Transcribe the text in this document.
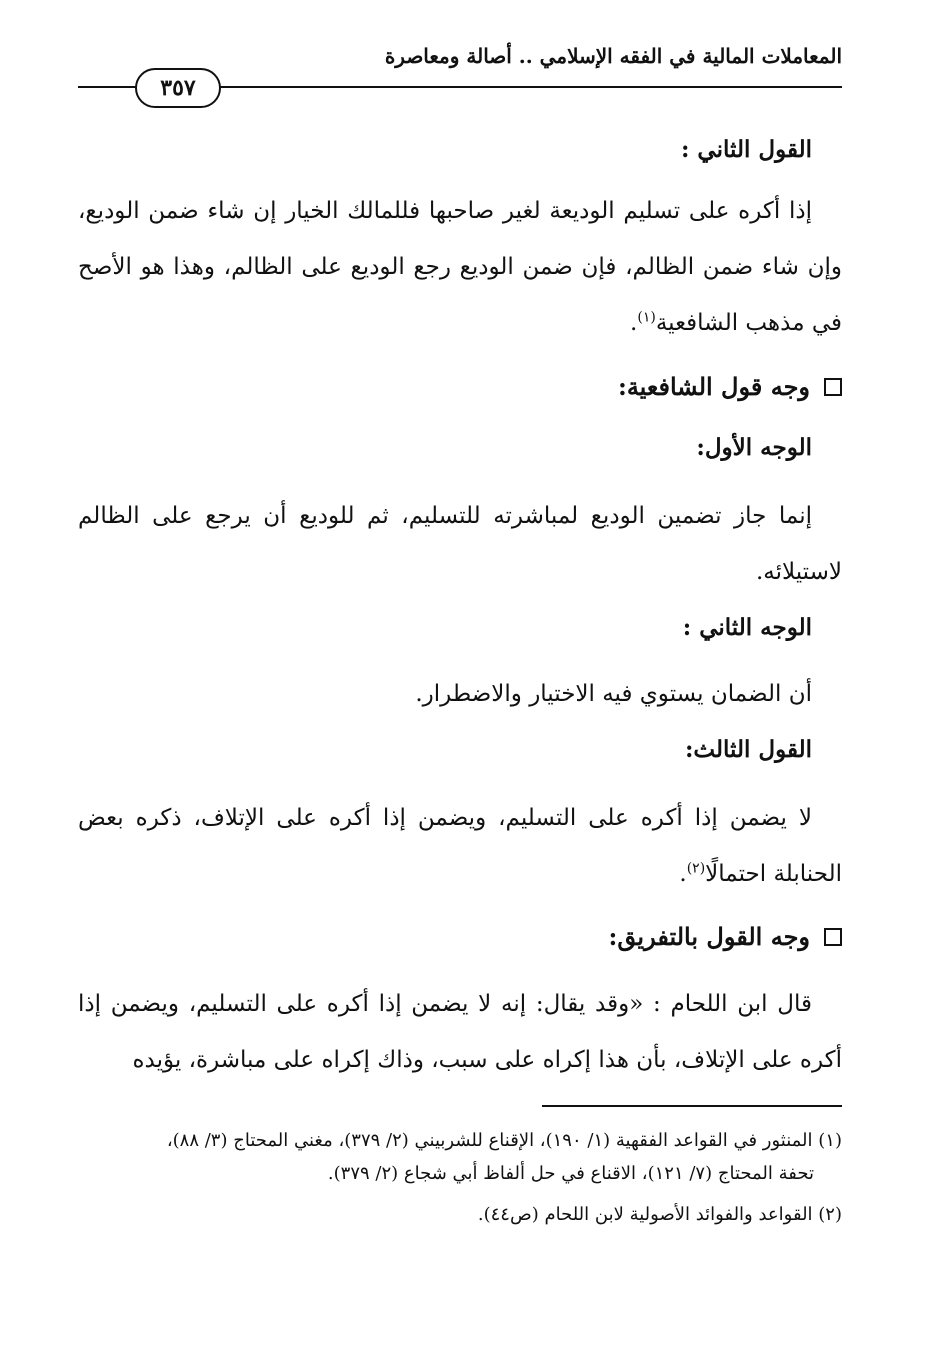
المعاملات المالية في الفقه الإسلامي .. أصالة ومعاصرة
٣٥٧
القول الثاني :

إذا أكره على تسليم الوديعة لغير صاحبها فللمالك الخيار إن شاء ضمن الوديع، وإن شاء ضمن الظالم، فإن ضمن الوديع رجع الوديع على الظالم، وهذا هو الأصح في مذهب الشافعية$^{(١)}$.

وجه قول الشافعية:
الوجه الأول:

إنما جاز تضمين الوديع لمباشرته للتسليم، ثم للوديع أن يرجع على الظالم لاستيلائه.

الوجه الثاني :

أن الضمان يستوي فيه الاختيار والاضطرار.

القول الثالث:

لا يضمن إذا أكره على التسليم، ويضمن إذا أكره على الإتلاف، ذكره بعض الحنابلة احتمالًا$^{(٢)}$.

وجه القول بالتفريق:

قال ابن اللحام : «وقد يقال: إنه لا يضمن إذا أكره على التسليم، ويضمن إذا أكره على الإتلاف، بأن هذا إكراه على سبب، وذاك إكراه على مباشرة، يؤيده

(١) المنثور في القواعد الفقهية (١/ ١٩٠)، الإقناع للشربيني (٢/ ٣٧٩)، مغني المحتاج (٣/ ٨٨)،

تحفة المحتاج (٧/ ١٢١)، الاقناع في حل ألفاظ أبي شجاع (٢/ ٣٧٩).

(٢) القواعد والفوائد الأصولية لابن اللحام (ص٤٤).
